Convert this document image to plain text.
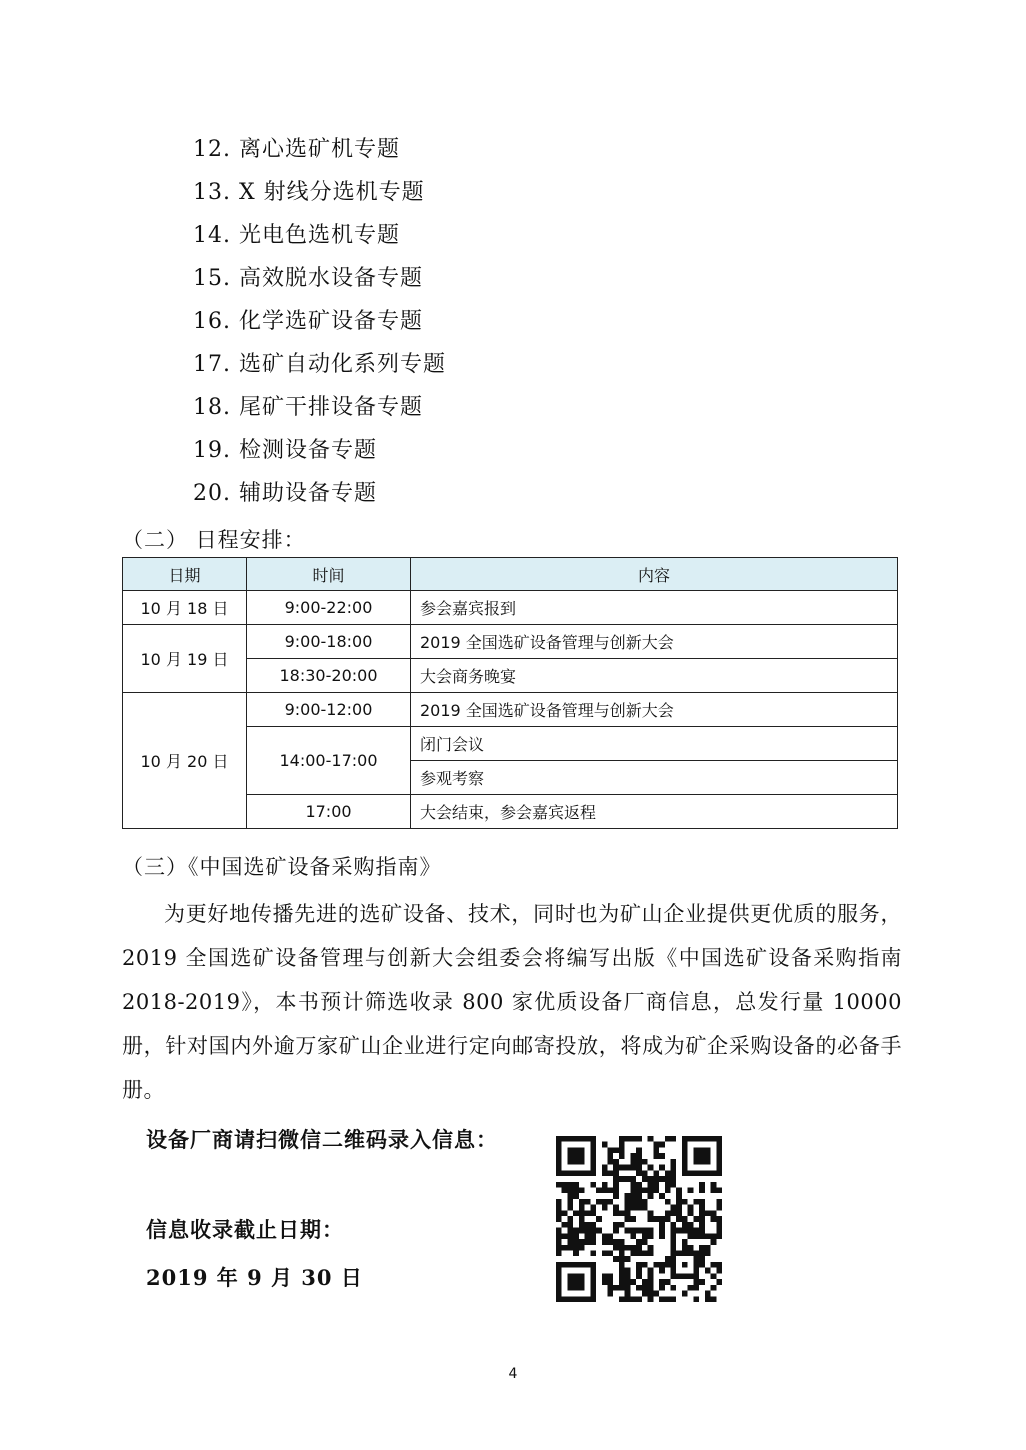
12. 离心选矿机专题
13. X 射线分选机专题
14. 光电色选机专题
15. 高效脱水设备专题
16. 化学选矿设备专题
17. 选矿自动化系列专题
18. 尾矿干排设备专题
19. 检测设备专题
20. 辅助设备专题
（二） 日程安排：
日期	时间	内容
10 月 18 日	9:00-22:00	参会嘉宾报到
10 月 19 日	9:00-18:00	2019 全国选矿设备管理与创新大会
	18:30-20:00	大会商务晚宴
10 月 20 日	9:00-12:00	2019 全国选矿设备管理与创新大会
	14:00-17:00	闭门会议
		参观考察
	17:00	大会结束，参会嘉宾返程
（三）《中国选矿设备采购指南》

为更好地传播先进的选矿设备、技术，同时也为矿山企业提供更优质的服务，2019 全国选矿设备管理与创新大会组委会将编写出版《中国选矿设备采购指南 2018-2019》，本书预计筛选收录 800 家优质设备厂商信息，总发行量 10000 册，针对国内外逾万家矿山企业进行定向邮寄投放，将成为矿企采购设备的必备手册。

设备厂商请扫微信二维码录入信息：
信息收录截止日期：
2019 年 9 月 30 日
4
